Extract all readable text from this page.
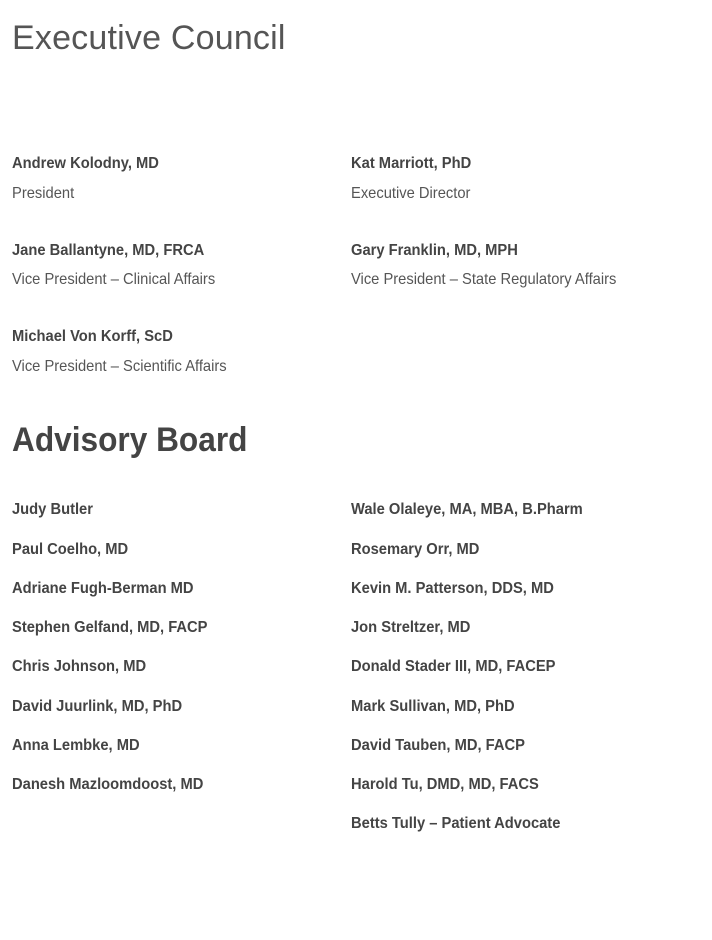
Executive Council
Andrew Kolodny, MD
President
Kat Marriott, PhD
Executive Director
Jane Ballantyne, MD, FRCA
Vice President – Clinical Affairs
Gary Franklin, MD, MPH
Vice President – State Regulatory Affairs
Michael Von Korff, ScD
Vice President – Scientific Affairs
Advisory Board
Judy Butler
Paul Coelho, MD
Adriane Fugh-Berman MD
Stephen Gelfand, MD, FACP
Chris Johnson, MD
David Juurlink, MD, PhD
Anna Lembke, MD
Danesh Mazloomdoost, MD
Wale Olaleye, MA, MBA, B.Pharm
Rosemary Orr, MD
Kevin M. Patterson, DDS, MD
Jon Streltzer, MD
Donald Stader III, MD, FACEP
Mark Sullivan, MD, PhD
David Tauben, MD, FACP
Harold Tu, DMD, MD, FACS
Betts Tully – Patient Advocate
